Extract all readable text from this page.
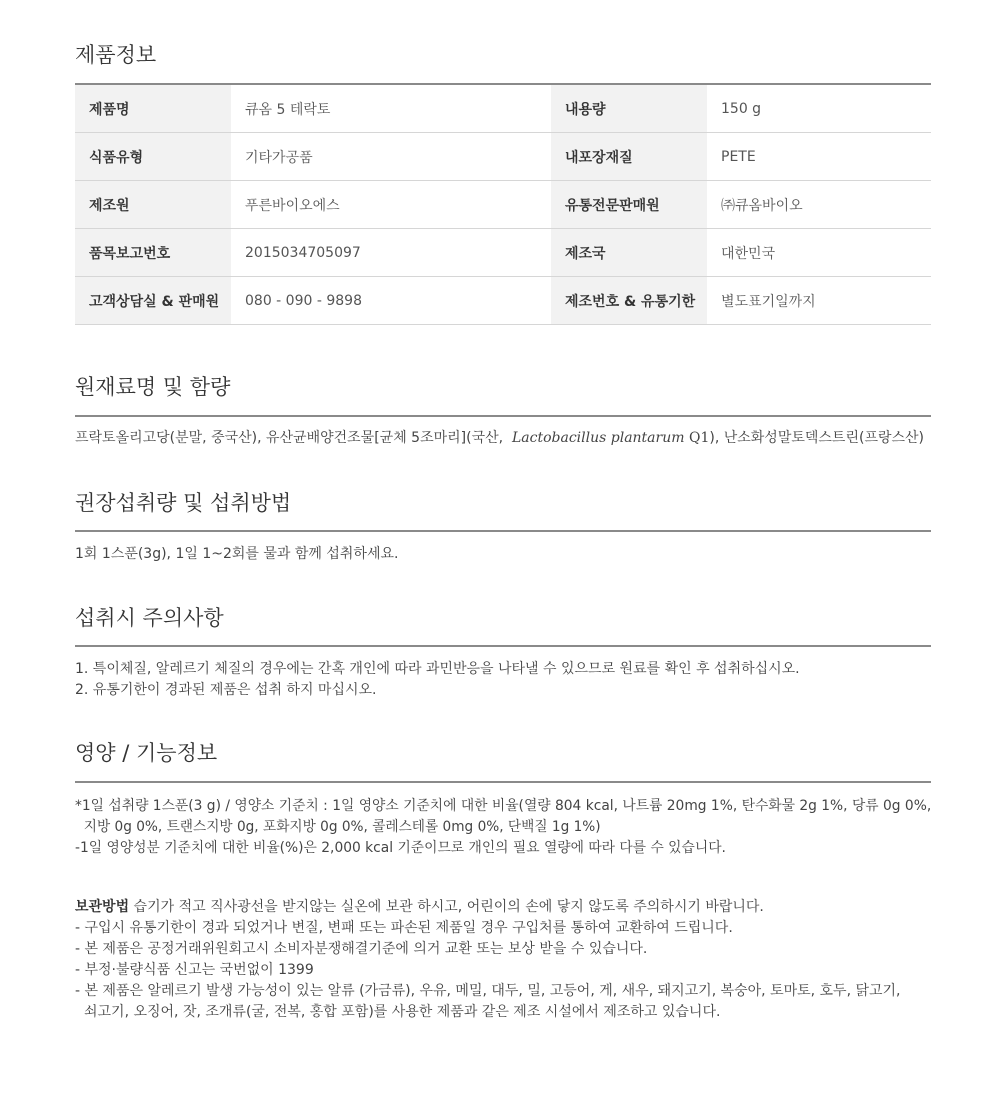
제품정보
제품명	큐옴 5 테락토	내용량	150 g
식품유형	기타가공품	내포장재질	PETE
제조원	푸른바이오에스	유통전문판매원	㈜큐옴바이오
품목보고번호	2015034705097	제조국	대한민국
고객상담실 & 판매원	080 - 090 - 9898	제조번호 & 유통기한	별도표기일까지
원재료명 및 함량

프락토올리고당(분말, 중국산), 유산균배양건조물[균체 5조마리](국산, Lactobacillus plantarum Q1), 난소화성말토덱스트린(프랑스산)

권장섭취량 및 섭취방법

1회 1스푼(3g), 1일 1~2회를 물과 함께 섭취하세요.

섭취시 주의사항

1. 특이체질, 알레르기 체질의 경우에는 간혹 개인에 따라 과민반응을 나타낼 수 있으므로 원료를 확인 후 섭취하십시오.

2. 유통기한이 경과된 제품은 섭취 하지 마십시오.

영양 / 기능정보

*1일 섭취량 1스푼(3 g) / 영양소 기준치 : 1일 영양소 기준치에 대한 비율(열량 804 kcal, 나트륨 20mg 1%, 탄수화물 2g 1%, 당류 0g 0%,

지방 0g 0%, 트랜스지방 0g, 포화지방 0g 0%, 콜레스테롤 0mg 0%, 단백질 1g 1%)

-1일 영양성분 기준치에 대한 비율(%)은 2,000 kcal 기준이므로 개인의 필요 열량에 따라 다를 수 있습니다.

보관방법 습기가 적고 직사광선을 받지않는 실온에 보관 하시고, 어린이의 손에 닿지 않도록 주의하시기 바랍니다.

- 구입시 유통기한이 경과 되었거나 변질, 변패 또는 파손된 제품일 경우 구입처를 통하여 교환하여 드립니다.

- 본 제품은 공정거래위원회고시 소비자분쟁해결기준에 의거 교환 또는 보상 받을 수 있습니다.

- 부정·불량식품 신고는 국번없이 1399

- 본 제품은 알레르기 발생 가능성이 있는 알류 (가금류), 우유, 메밀, 대두, 밀, 고등어, 게, 새우, 돼지고기, 복숭아, 토마토, 호두, 닭고기,

쇠고기, 오징어, 잣, 조개류(굴, 전복, 홍합 포함)를 사용한 제품과 같은 제조 시설에서 제조하고 있습니다.
